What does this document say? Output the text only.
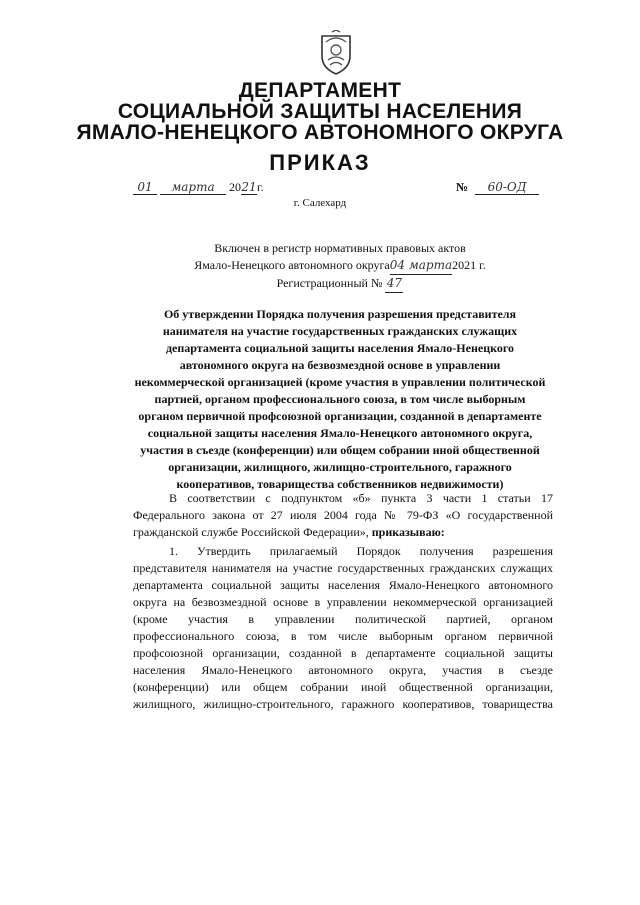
ДЕПАРТАМЕНТ
СОЦИАЛЬНОЙ ЗАЩИТЫ НАСЕЛЕНИЯ
ЯМАЛО-НЕНЕЦКОГО АВТОНОМНОГО ОКРУГА
ПРИКАЗ
01 марта 2021г.	№ 60-ОД
г. Салехард
Включен в регистр нормативных правовых актов
Ямало-Ненецкого автономного округа04 марта2021 г.
Регистрационный № 47
Об утверждении Порядка получения разрешения представителя
нанимателя на участие государственных гражданских служащих
департамента социальной защиты населения Ямало-Ненецкого
автономного округа на безвозмездной основе в управлении
некоммерческой организацией (кроме участия в управлении политической
партией, органом профессионального союза, в том числе выборным
органом первичной профсоюзной организации, созданной в департаменте
социальной защиты населения Ямало-Ненецкого автономного округа,
участия в съезде (конференции) или общем собрании иной общественной
организации, жилищного, жилищно-строительного, гаражного
кооперативов, товарищества собственников недвижимости)
В соответствии с подпунктом «б» пункта 3 части 1 статьи 17
Федерального закона от 27 июля 2004 года № 79-ФЗ «О государственной
гражданской службе Российской Федерации», приказываю:
1. Утвердить прилагаемый Порядок получения разрешения
представителя нанимателя на участие государственных гражданских служащих
департамента социальной защиты населения Ямало-Ненецкого автономного
округа на безвозмездной основе в управлении некоммерческой организацией
(кроме участия в управлении политической партией, органом
профессионального союза, в том числе выборным органом первичной
профсоюзной организации, созданной в департаменте социальной защиты
населения Ямало-Ненецкого автономного округа, участия в съезде
(конференции) или общем собрании иной общественной организации,
жилищного, жилищно-строительного, гаражного кооперативов, товарищества
